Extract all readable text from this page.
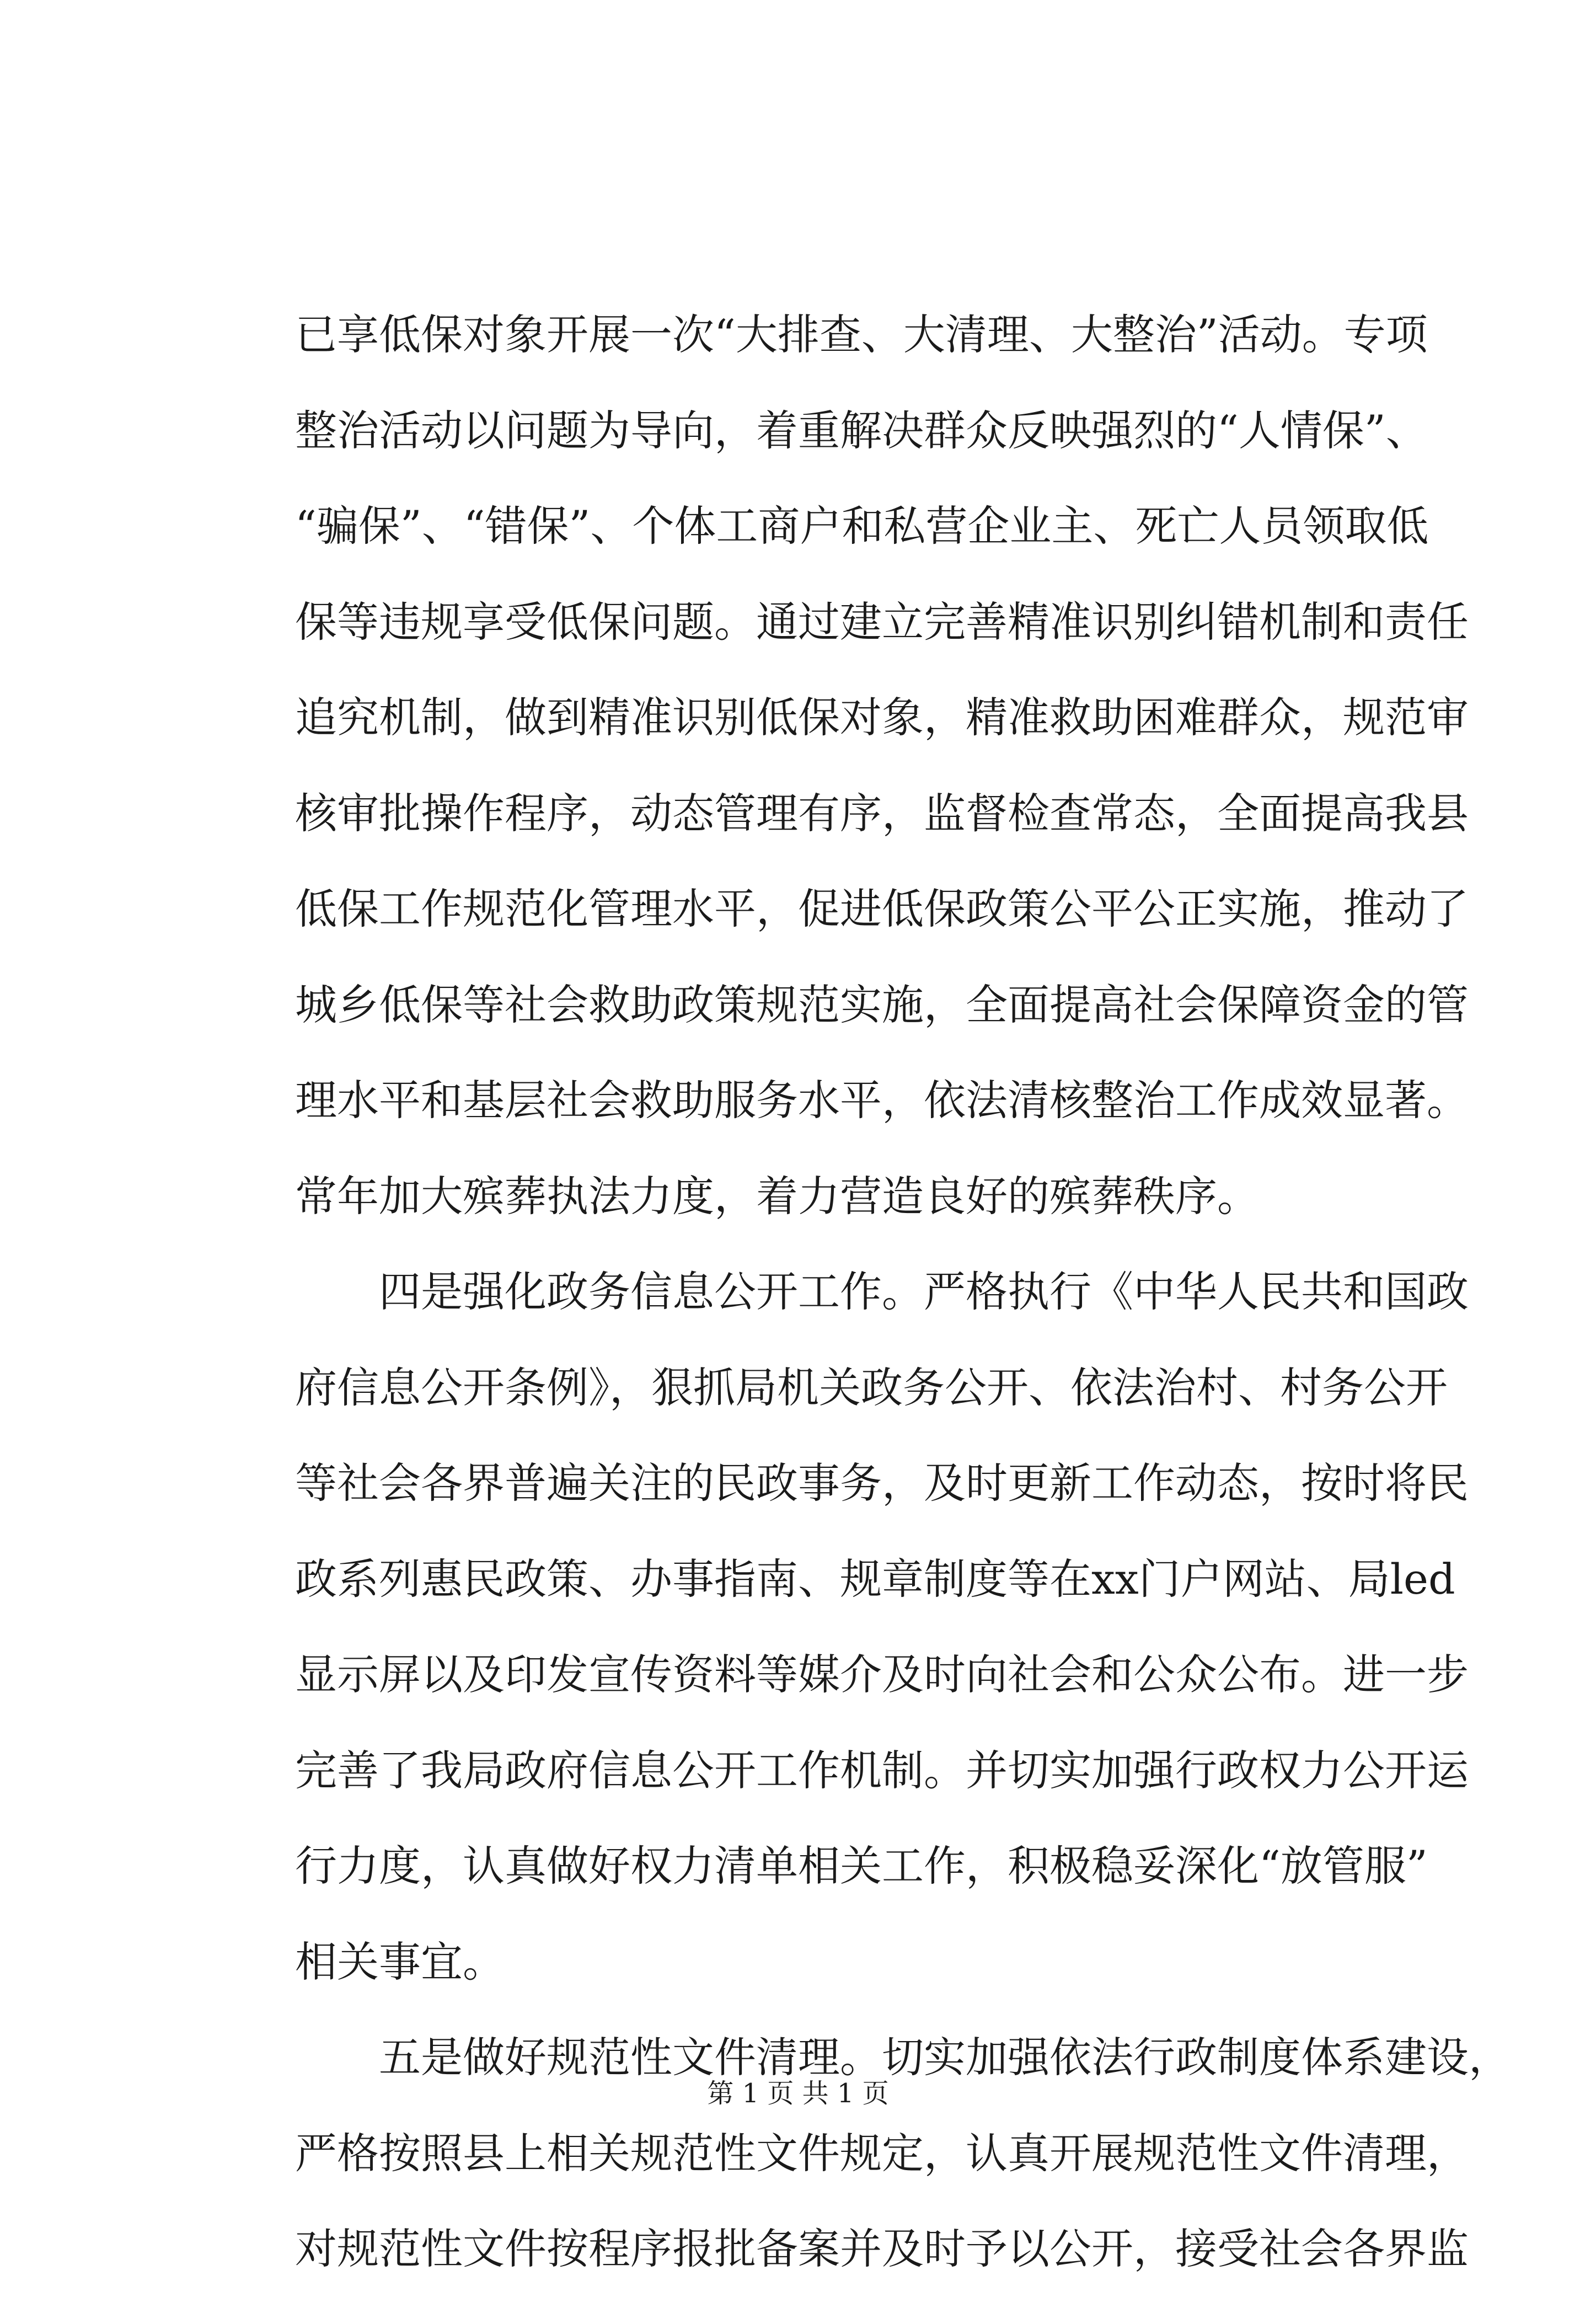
已享低保对象开展一次“大排查、大清理、大整治”活动。专项
整治活动以问题为导向，着重解决群众反映强烈的“人情保”、
“骗保”、“错保”、个体工商户和私营企业主、死亡人员领取低
保等违规享受低保问题。通过建立完善精准识别纠错机制和责任
追究机制，做到精准识别低保对象，精准救助困难群众，规范审
核审批操作程序，动态管理有序，监督检查常态，全面提高我县
低保工作规范化管理水平，促进低保政策公平公正实施，推动了
城乡低保等社会救助政策规范实施，全面提高社会保障资金的管
理水平和基层社会救助服务水平，依法清核整治工作成效显著。
常年加大殡葬执法力度，着力营造良好的殡葬秩序。
四是强化政务信息公开工作。严格执行《中华人民共和国政
府信息公开条例》，狠抓局机关政务公开、依法治村、村务公开
等社会各界普遍关注的民政事务，及时更新工作动态，按时将民
政系列惠民政策、办事指南、规章制度等在xx门户网站、局led
显示屏以及印发宣传资料等媒介及时向社会和公众公布。进一步
完善了我局政府信息公开工作机制。并切实加强行政权力公开运
行力度，认真做好权力清单相关工作，积极稳妥深化“放管服”
相关事宜。
五是做好规范性文件清理。切实加强依法行政制度体系建设，
严格按照县上相关规范性文件规定，认真开展规范性文件清理，
对规范性文件按程序报批备案并及时予以公开，接受社会各界监
第 1 页 共 1 页
